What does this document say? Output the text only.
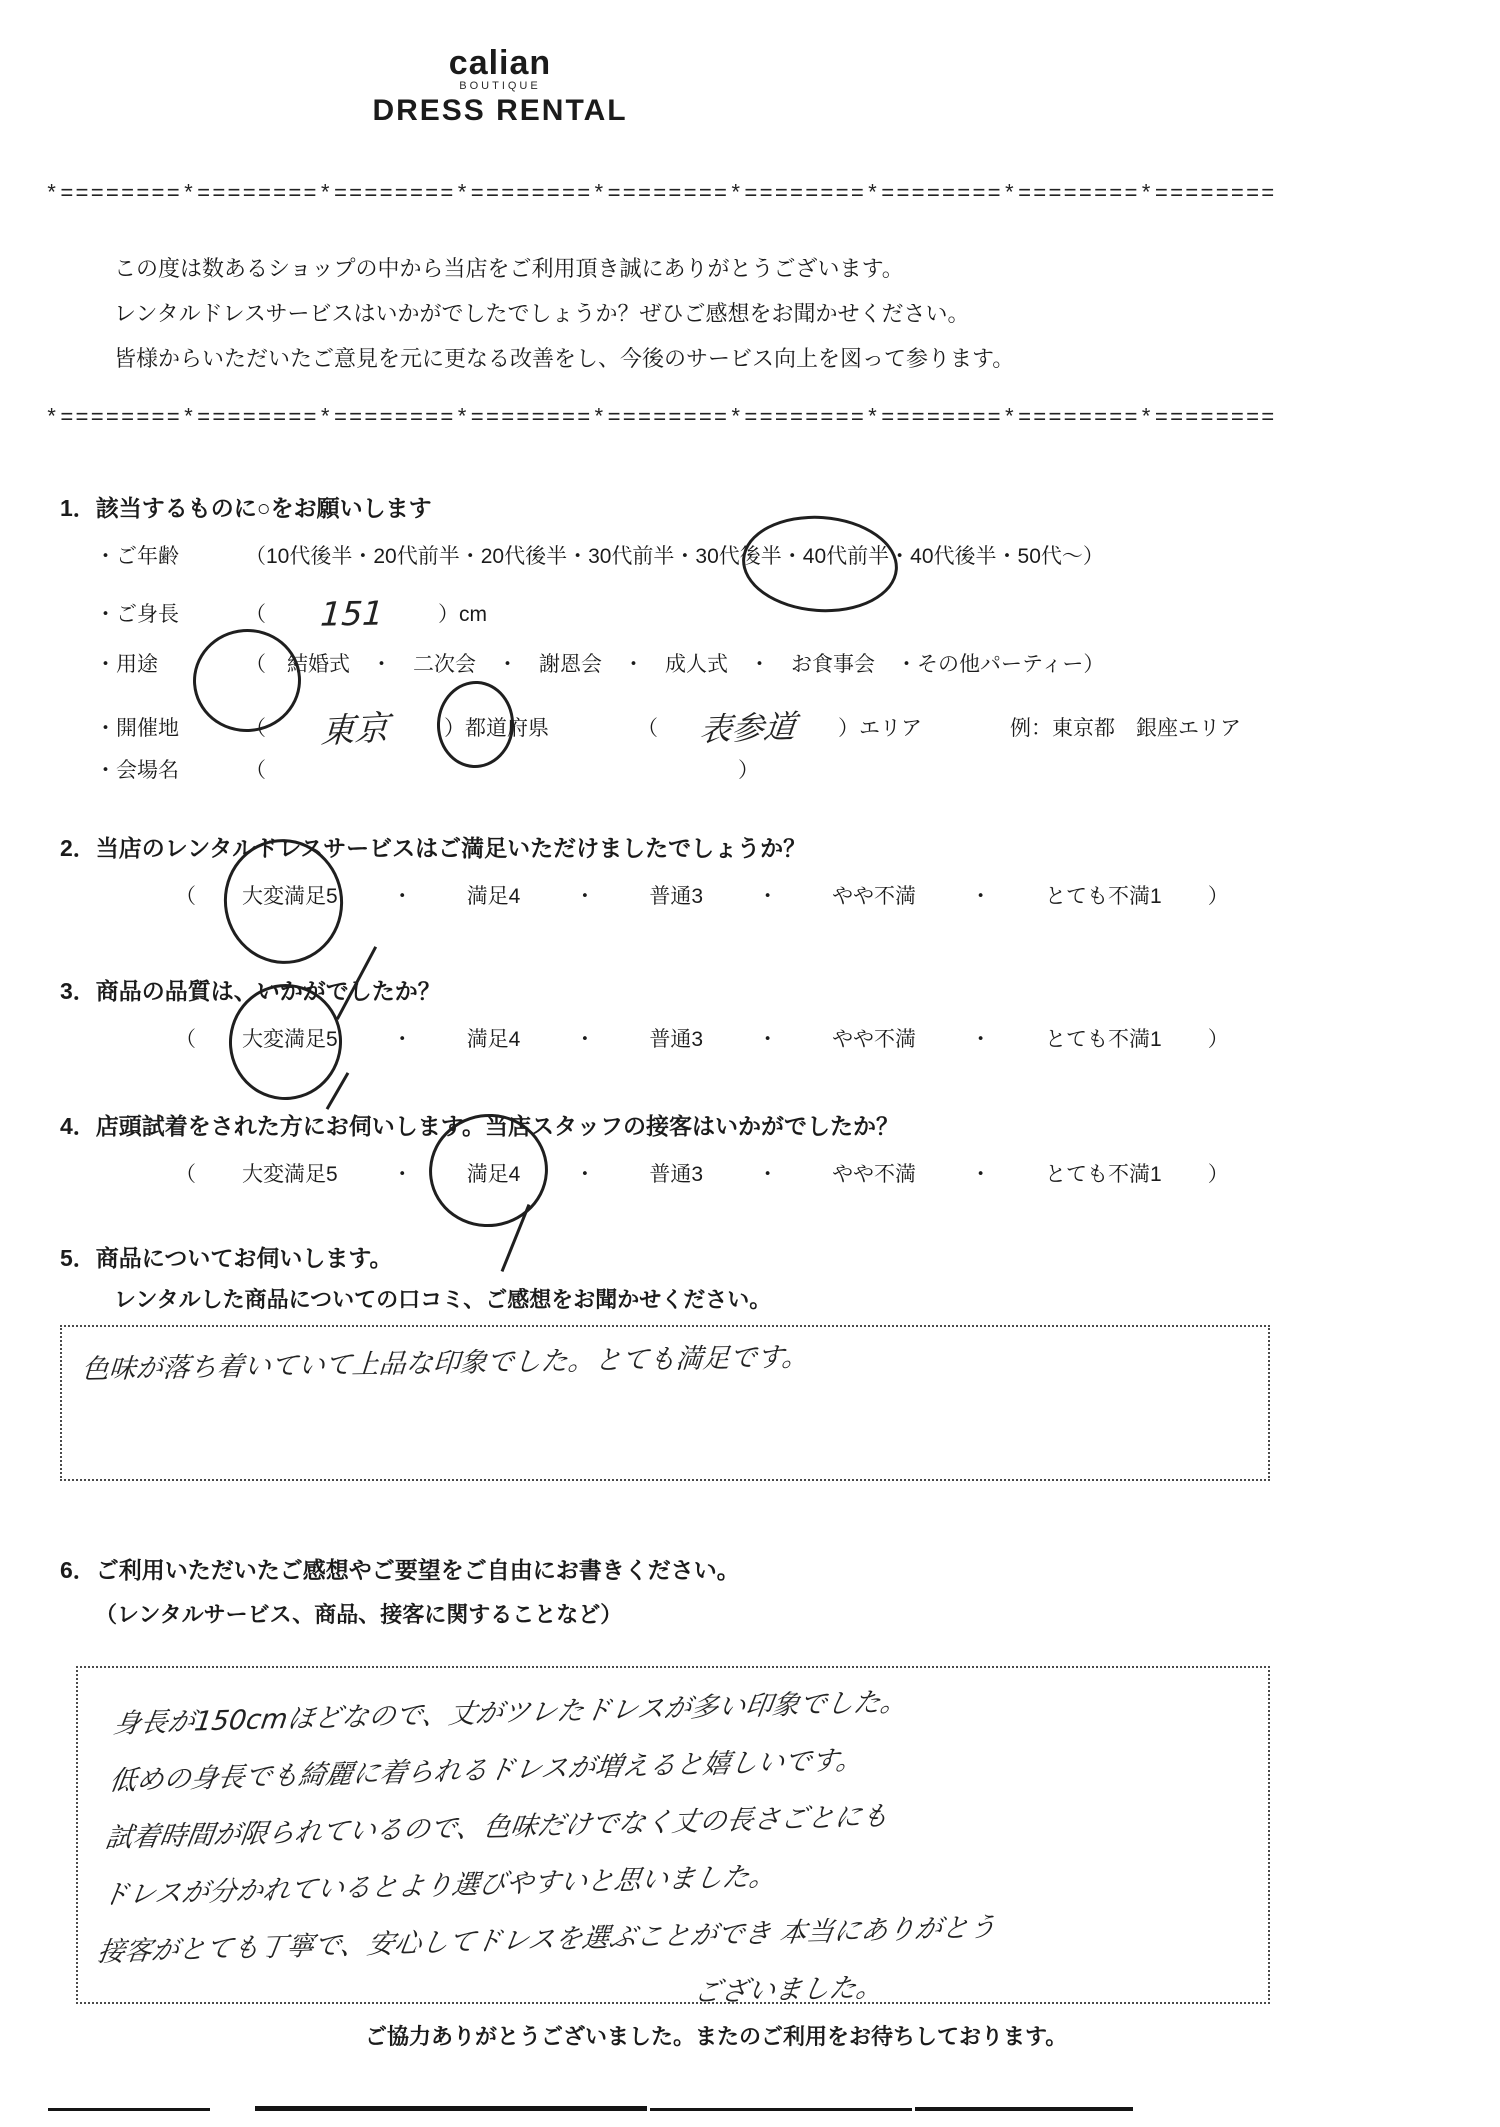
calian
BOUTIQUE
DRESS RENTAL
*========*========*========*========*========*========*========*========*========
*========*========*========*========*========*========*========*========*========
この度は数あるショップの中から当店をご利用頂き誠にありがとうございます。
レンタルドレスサービスはいかがでしたでしょうか？ぜひご感想をお聞かせください。
皆様からいただいたご意見を元に更なる改善をし、今後のサービス向上を図って参ります。
1．該当するものに○をお願いします
・ご年齢	（10代後半・20代前半・20代後半・30代前半・30代後半・40代前半・40代後半・50代～）
・ご身長	（ 151	）cm
・用途	（　結婚式　・　二次会　・　謝恩会　・　成人式　・　お食事会　・その他パーティー）
・開催地	（ 東京	）都道府県	（ 表参道 ）エリア	例：東京都　銀座エリア
・会場名	（	）
2．当店のレンタルドレスサービスはご満足いただけましたでしょうか？
（ 大変満足5	・	満足4	・	普通3	・	やや不満	・	とても不満1 ）
3．商品の品質は、いかがでしたか？
（ 大変満足5	・	満足4	・	普通3	・	やや不満	・	とても不満1 ）
4．店頭試着をされた方にお伺いします。当店スタッフの接客はいかがでしたか？
（ 大変満足5	・	満足4	・	普通3	・	やや不満	・	とても不満1 ）
5．商品についてお伺いします。
レンタルした商品についての口コミ、ご感想をお聞かせください。
色味が落ち着いていて上品な印象でした。とても満足です。
6．ご利用いただいたご感想やご要望をご自由にお書きください。
（レンタルサービス、商品、接客に関することなど）
身長が150cmほどなので、丈がツレたドレスが多い印象でした。
低めの身長でも綺麗に着られるドレスが増えると嬉しいです。
試着時間が限られているので、色味だけでなく丈の長さごとにも
ドレスが分かれているとより選びやすいと思いました。
接客がとても丁寧で、安心してドレスを選ぶことができ 本当にありがとう
ございました。
ご協力ありがとうございました。またのご利用をお待ちしております。
